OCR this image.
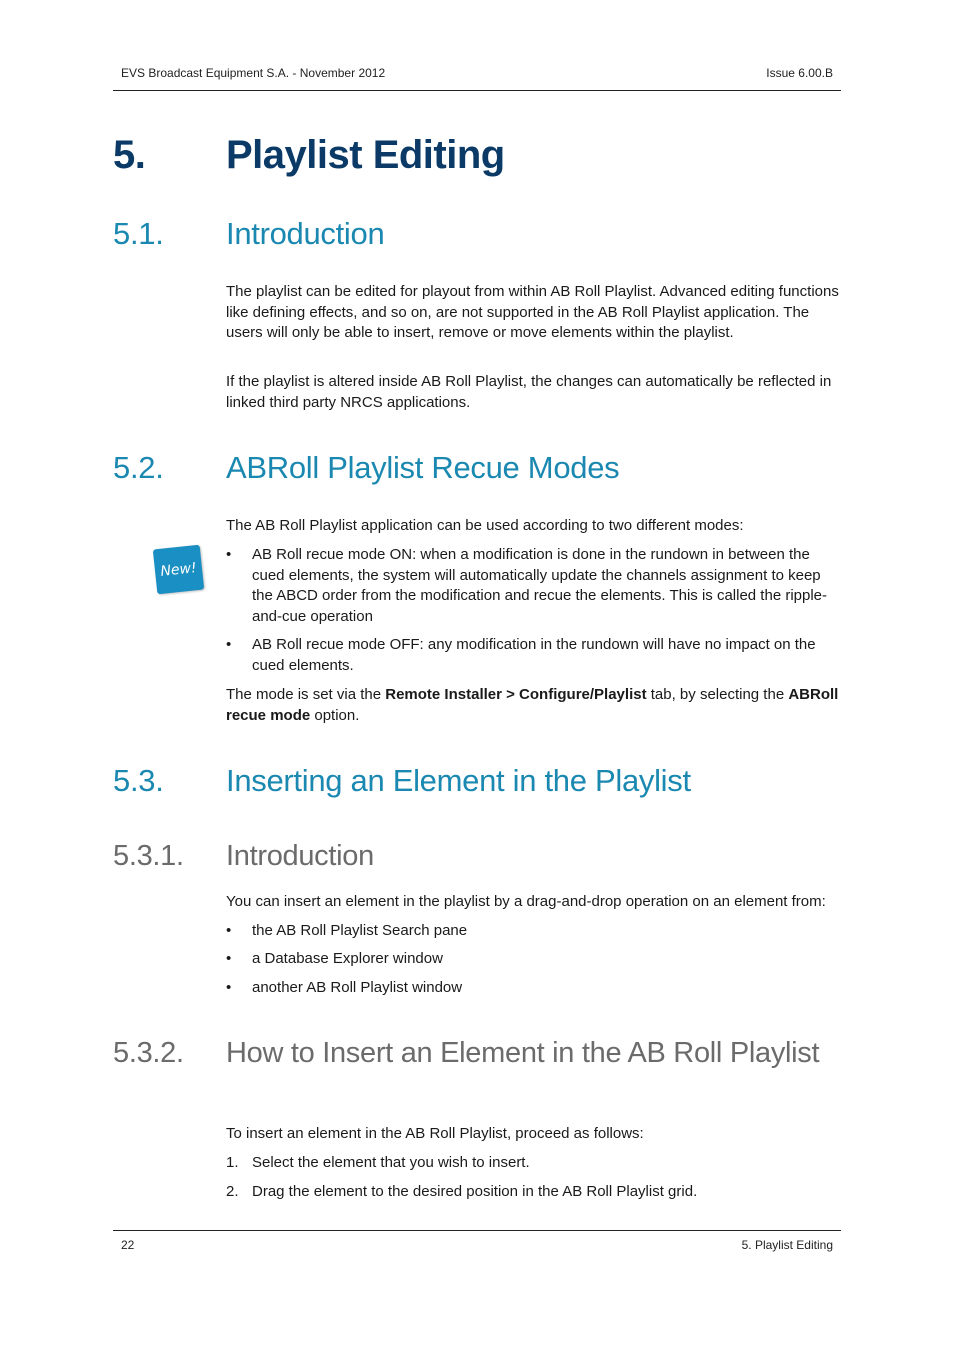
EVS Broadcast Equipment S.A. - November 2012	Issue 6.00.B
5. Playlist Editing
5.1. Introduction
The playlist can be edited for playout from within AB Roll Playlist. Advanced editing functions like defining effects, and so on, are not supported in the AB Roll Playlist application. The users will only be able to insert, remove or move elements within the playlist.
If the playlist is altered inside AB Roll Playlist, the changes can automatically be reflected in linked third party NRCS applications.
5.2. ABRoll Playlist Recue Modes
The AB Roll Playlist application can be used according to two different modes:
New!
• AB Roll recue mode ON: when a modification is done in the rundown in between the cued elements, the system will automatically update the channels assignment to keep the ABCD order from the modification and recue the elements. This is called the ripple-and-cue operation
• AB Roll recue mode OFF: any modification in the rundown will have no impact on the cued elements.
The mode is set via the Remote Installer > Configure/Playlist tab, by selecting the ABRoll recue mode option.
5.3. Inserting an Element in the Playlist
5.3.1. Introduction
You can insert an element in the playlist by a drag-and-drop operation on an element from:
• the AB Roll Playlist Search pane
• a Database Explorer window
• another AB Roll Playlist window
5.3.2. How to Insert an Element in the AB Roll Playlist
To insert an element in the AB Roll Playlist, proceed as follows:
1. Select the element that you wish to insert.
2. Drag the element to the desired position in the AB Roll Playlist grid.
22	5. Playlist Editing
